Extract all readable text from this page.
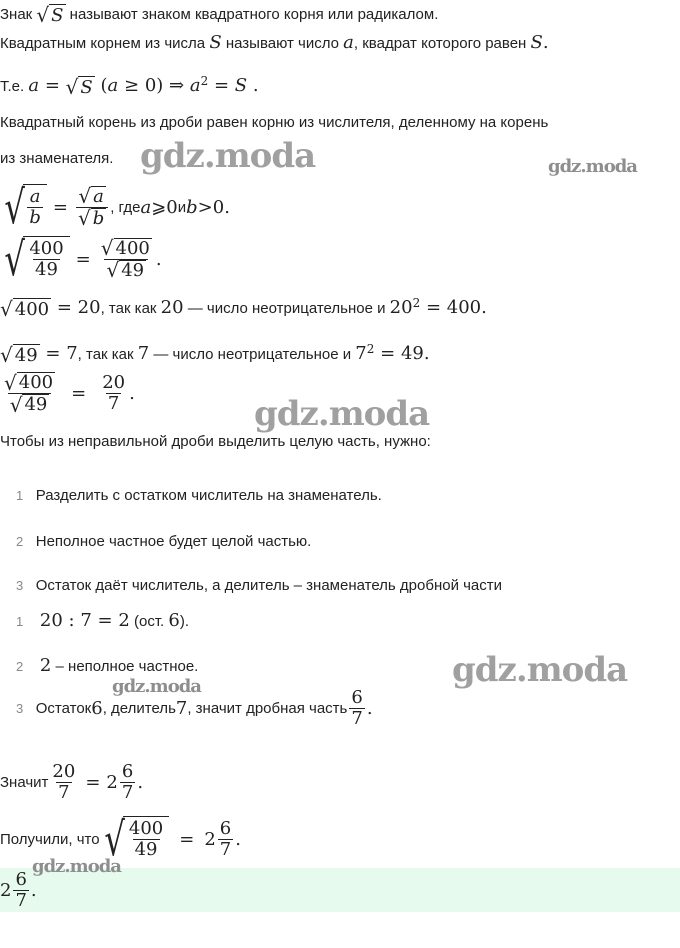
Знак √ S называют знаком квадратного корня или радикалом.
Квадратным корнем из числа S называют число a, квадрат которого равен S.
Т.е. a = √ S (a ≥ 0) ⇒ $a^2 = S$ .
Квадратный корень из дроби равен корню из числителя, деленному на корень
из знаменателя.
√ $\frac{a}{b} = \frac{√ a}{√ b}$ , где a ⩾ 0 и b > 0 .
√ $\frac{400}{49} = \frac{√ 400}{√ 49}$ .
√ 400 = 20, так как 20 — число неотрицательное и $20^2 = 400$.
√ 49 = 7, так как 7 — число неотрицательное и $7^2 = 49$.
$\frac{√ 400}{√ 49} = \frac{20}{7}$ .
Чтобы из неправильной дроби выделить целую часть, нужно:
1 Разделить с остатком числитель на знаменатель.
2 Неполное частное будет целой частью.
3 Остаток даёт числитель, а делитель – знаменатель дробной части
1 20 : 7 = 2 (ост. 6).
2 2 – неполное частное.
3
Остаток 6 , делитель 7 , значит дробная часть $\frac{6}{7}$ .
Значит $\frac{20}{7} = 2 \frac{6}{7}$ .
Получили, что √ $\frac{400}{49} = 2 \frac{6}{7}$ .
$2 \frac{6}{7}$ .
gdz.moda	gdz.moda
gdz.moda
gdz.moda
gdz.moda
gdz.moda
